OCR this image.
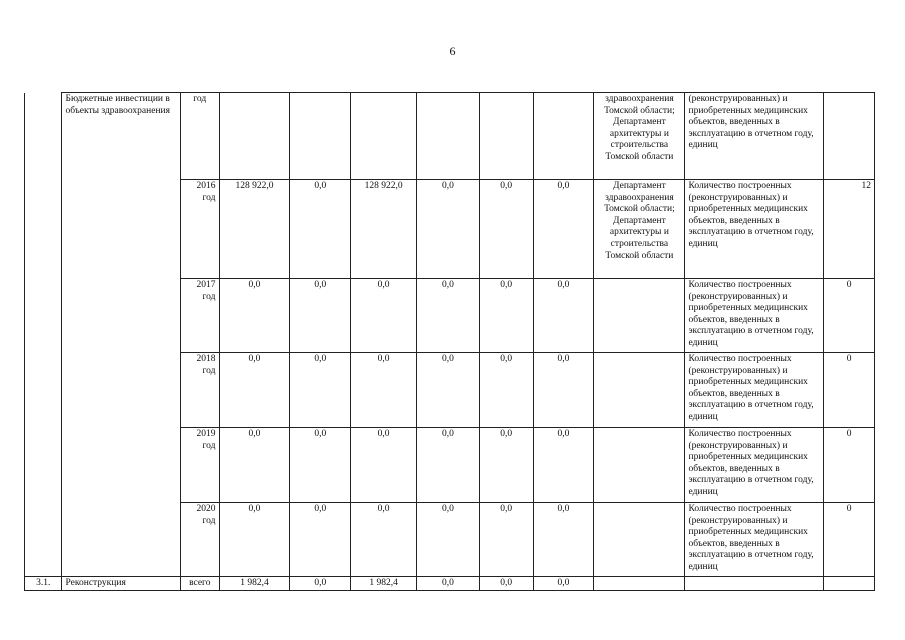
6
	Бюджетные инвестиции в объекты здравоохранения	год							здравоохранения Томской области; Департамент архитектуры и строительства Томской области	(реконструированных) и приобретенных медицинских объектов, введенных в эксплуатацию в отчетном году, единиц	
		2016 год	128 922,0	0,0	128 922,0	0,0	0,0	0,0	Департамент здравоохранения Томской области; Департамент архитектуры и строительства Томской области	Количество построенных (реконструированных) и приобретенных медицинских объектов, введенных в эксплуатацию в отчетном году, единиц	12
		2017 год	0,0	0,0	0,0	0,0	0,0	0,0		Количество построенных (реконструированных) и приобретенных медицинских объектов, введенных в эксплуатацию в отчетном году, единиц	0
		2018 год	0,0	0,0	0,0	0,0	0,0	0,0		Количество построенных (реконструированных) и приобретенных медицинских объектов, введенных в эксплуатацию в отчетном году, единиц	0
		2019 год	0,0	0,0	0,0	0,0	0,0	0,0		Количество построенных (реконструированных) и приобретенных медицинских объектов, введенных в эксплуатацию в отчетном году, единиц	0
		2020 год	0,0	0,0	0,0	0,0	0,0	0,0		Количество построенных (реконструированных) и приобретенных медицинских объектов, введенных в эксплуатацию в отчетном году, единиц	0
3.1.	Реконструкция	всего	1 982,4	0,0	1 982,4	0,0	0,0	0,0			
